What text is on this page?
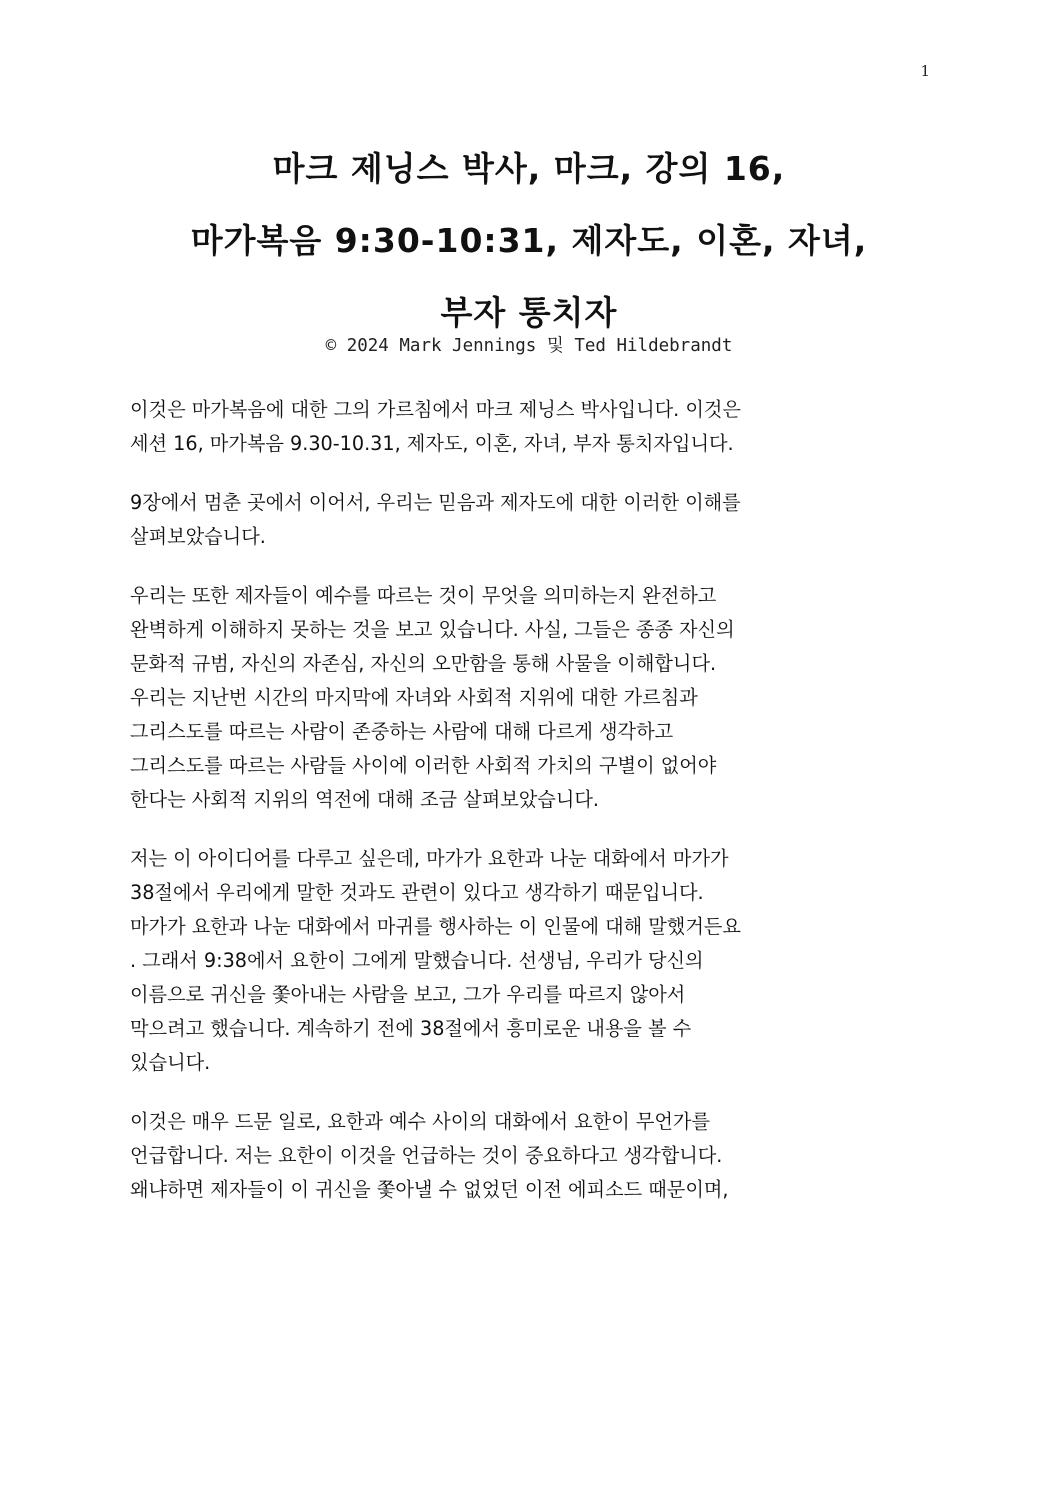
1
마크 제닝스 박사, 마크, 강의 16,
마가복음 9:30-10:31, 제자도, 이혼, 자녀,
부자 통치자
© 2024 Mark Jennings 및 Ted Hildebrandt

이것은 마가복음에 대한 그의 가르침에서 마크 제닝스 박사입니다. 이것은
세션 16, 마가복음 9.30-10.31, 제자도, 이혼, 자녀, 부자 통치자입니다.

9장에서 멈춘 곳에서 이어서, 우리는 믿음과 제자도에 대한 이러한 이해를
살펴보았습니다.

우리는 또한 제자들이 예수를 따르는 것이 무엇을 의미하는지 완전하고
완벽하게 이해하지 못하는 것을 보고 있습니다. 사실, 그들은 종종 자신의
문화적 규범, 자신의 자존심, 자신의 오만함을 통해 사물을 이해합니다.
우리는 지난번 시간의 마지막에 자녀와 사회적 지위에 대한 가르침과
그리스도를 따르는 사람이 존중하는 사람에 대해 다르게 생각하고
그리스도를 따르는 사람들 사이에 이러한 사회적 가치의 구별이 없어야
한다는 사회적 지위의 역전에 대해 조금 살펴보았습니다.

저는 이 아이디어를 다루고 싶은데, 마가가 요한과 나눈 대화에서 마가가
38절에서 우리에게 말한 것과도 관련이 있다고 생각하기 때문입니다.
마가가 요한과 나눈 대화에서 마귀를 행사하는 이 인물에 대해 말했거든요
. 그래서 9:38에서 요한이 그에게 말했습니다. 선생님, 우리가 당신의
이름으로 귀신을 쫓아내는 사람을 보고, 그가 우리를 따르지 않아서
막으려고 했습니다. 계속하기 전에 38절에서 흥미로운 내용을 볼 수
있습니다.

이것은 매우 드문 일로, 요한과 예수 사이의 대화에서 요한이 무언가를
언급합니다. 저는 요한이 이것을 언급하는 것이 중요하다고 생각합니다.
왜냐하면 제자들이 이 귀신을 쫓아낼 수 없었던 이전 에피소드 때문이며,
